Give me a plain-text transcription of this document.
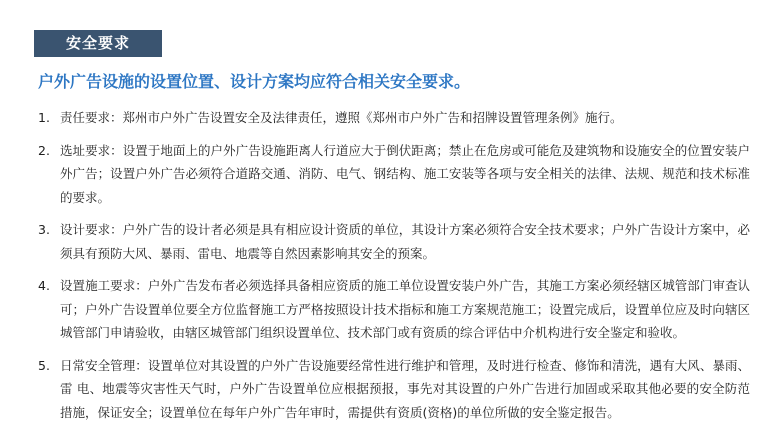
安全要求
户外广告设施的设置位置、设计方案均应符合相关安全要求。
1. 责任要求：郑州市户外广告设置安全及法律责任，遵照《郑州市户外广告和招牌设置管理条例》施行。
2. 选址要求：设置于地面上的户外广告设施距离人行道应大于倒伏距离；禁止在危房或可能危及建筑物和设施安全的位置安装户外广告；设置户外广告必须符合道路交通、消防、电气、钢结构、施工安装等各项与安全相关的法律、法规、规范和技术标准的要求。
3. 设计要求：户外广告的设计者必须是具有相应设计资质的单位，其设计方案必须符合安全技术要求；户外广告设计方案中，必须具有预防大风、暴雨、雷电、地震等自然因素影响其安全的预案。
4. 设置施工要求：户外广告发布者必须选择具备相应资质的施工单位设置安装户外广告，其施工方案必须经辖区城管部门审查认可；户外广告设置单位要全方位监督施工方严格按照设计技术指标和施工方案规范施工；设置完成后，设置单位应及时向辖区城管部门申请验收，由辖区城管部门组织设置单位、技术部门或有资质的综合评估中介机构进行安全鉴定和验收。
5. 日常安全管理：设置单位对其设置的户外广告设施要经常性进行维护和管理，及时进行检查、修饰和清洗，遇有大风、暴雨、雷 电、地震等灾害性天气时，户外广告设置单位应根据预报，事先对其设置的户外广告进行加固或采取其他必要的安全防范措施，保证安全；设置单位在每年户外广告年审时，需提供有资质(资格)的单位所做的安全鉴定报告。
